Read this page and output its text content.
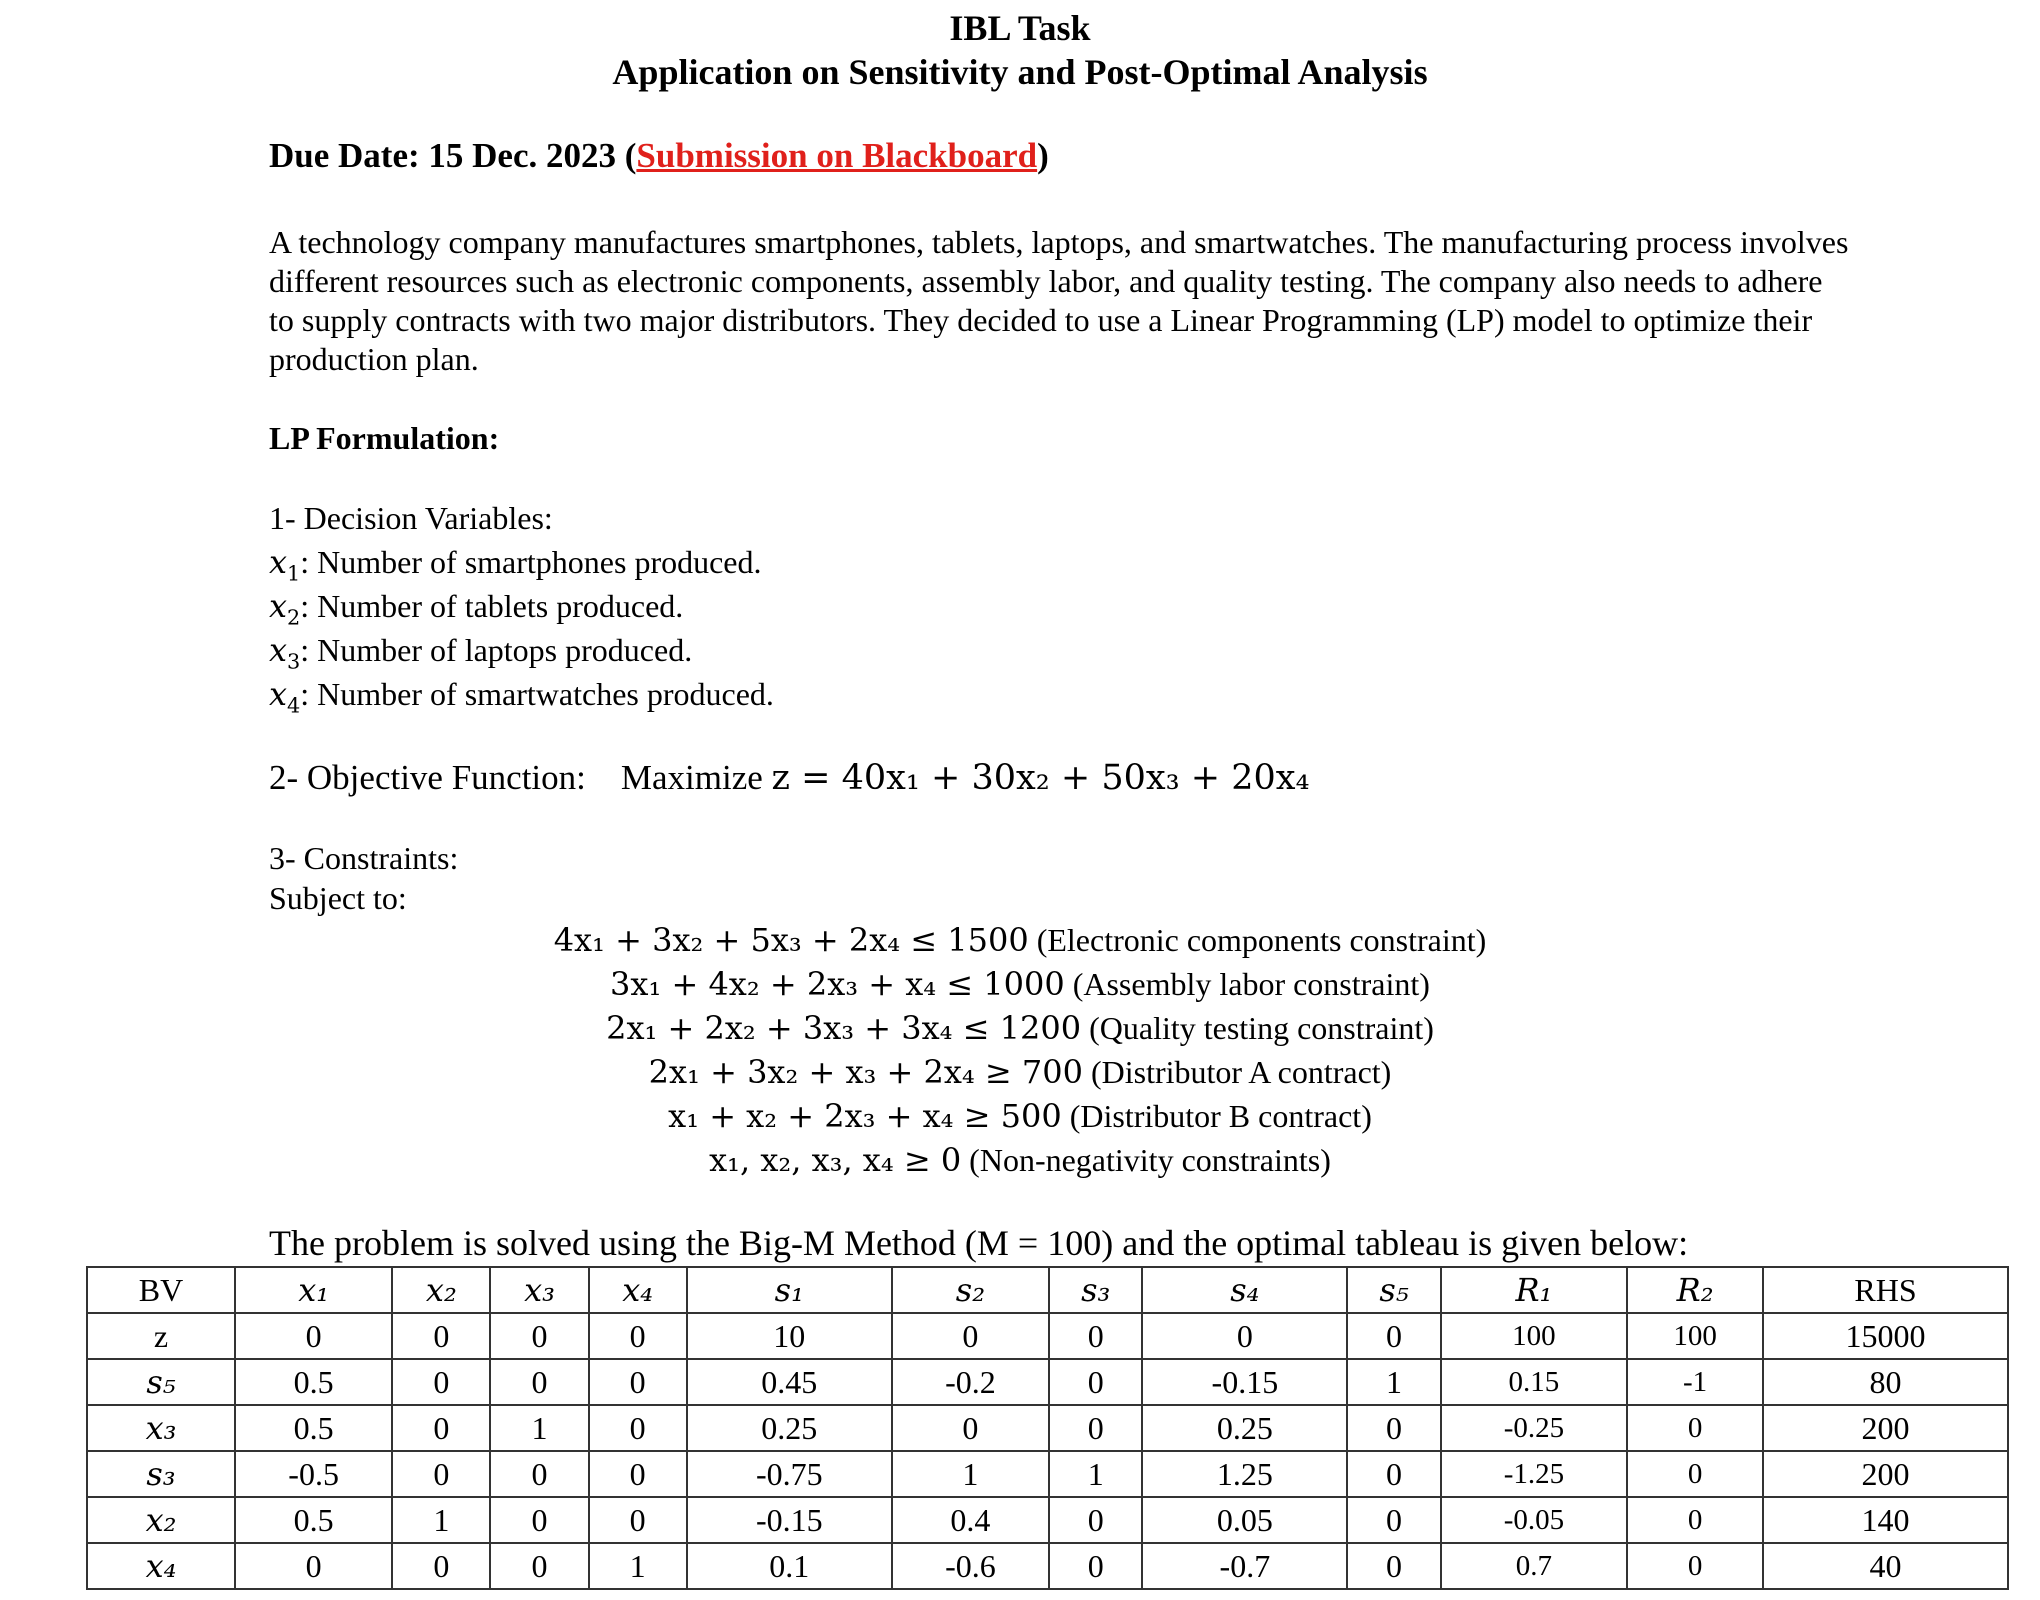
IBL Task
Application on Sensitivity and Post-Optimal Analysis
Due Date: 15 Dec. 2023 (Submission on Blackboard)
A technology company manufactures smartphones, tablets, laptops, and smartwatches. The manufacturing process involves different resources such as electronic components, assembly labor, and quality testing. The company also needs to adhere to supply contracts with two major distributors. They decided to use a Linear Programming (LP) model to optimize their production plan.
LP Formulation:
1- Decision Variables:
$x_1$: Number of smartphones produced.
$x_2$: Number of tablets produced.
$x_3$: Number of laptops produced.
$x_4$: Number of smartwatches produced.
2- Objective Function: Maximize z = 40x₁ + 30x₂ + 50x₃ + 20x₄
3- Constraints:
Subject to:
4x₁ + 3x₂ + 5x₃ + 2x₄ ≤ 1500 (Electronic components constraint)
3x₁ + 4x₂ + 2x₃ + x₄ ≤ 1000 (Assembly labor constraint)
2x₁ + 2x₂ + 3x₃ + 3x₄ ≤ 1200 (Quality testing constraint)
2x₁ + 3x₂ + x₃ + 2x₄ ≥ 700 (Distributor A contract)
x₁ + x₂ + 2x₃ + x₄ ≥ 500 (Distributor B contract)
x₁, x₂, x₃, x₄ ≥ 0 (Non-negativity constraints)
The problem is solved using the Big-M Method (M = 100) and the optimal tableau is given below:
BV	x₁	x₂	x₃	x₄	s₁	s₂	s₃	s₄	s₅	R₁	R₂	RHS
z	0	0	0	0	10	0	0	0	0	100	100	15000
s₅	0.5	0	0	0	0.45	-0.2	0	-0.15	1	0.15	-1	80
x₃	0.5	0	1	0	0.25	0	0	0.25	0	-0.25	0	200
s₃	-0.5	0	0	0	-0.75	1	1	1.25	0	-1.25	0	200
x₂	0.5	1	0	0	-0.15	0.4	0	0.05	0	-0.05	0	140
x₄	0	0	0	1	0.1	-0.6	0	-0.7	0	0.7	0	40
